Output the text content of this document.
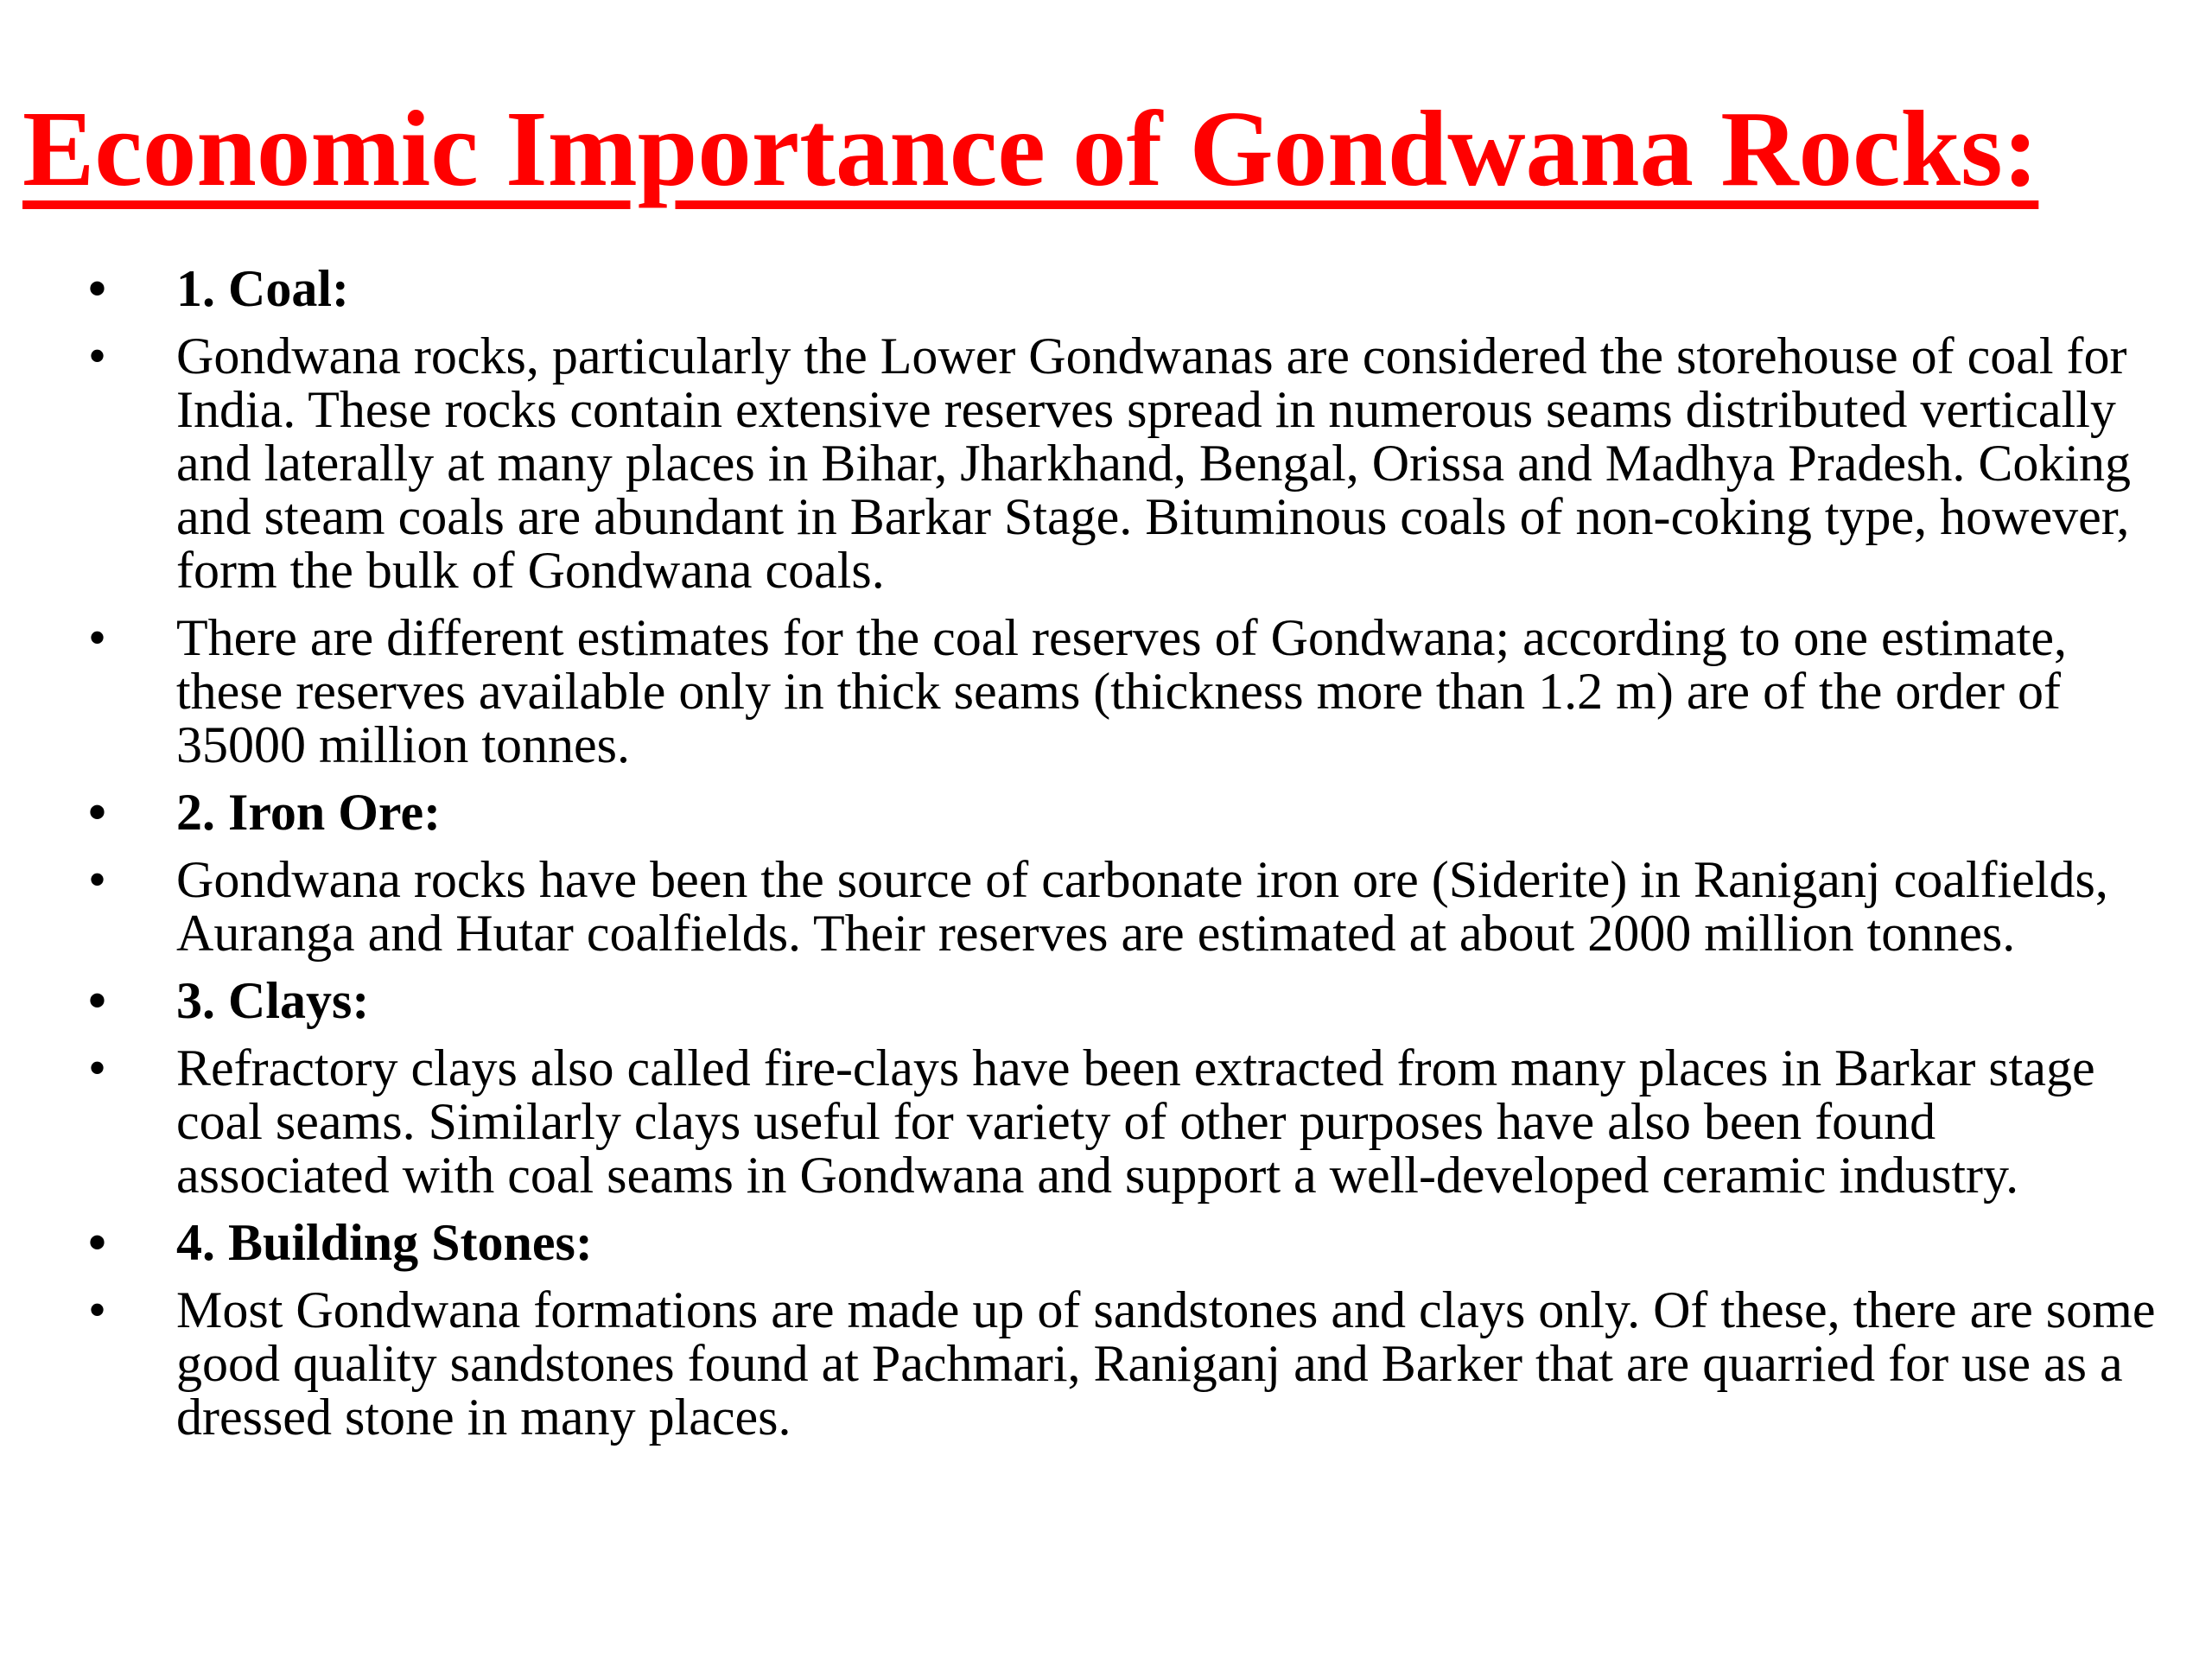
Economic Importance of Gondwana Rocks:
•	1. Coal:
•	Gondwana rocks, particularly the Lower Gondwanas are considered the storehouse of coal for India. These rocks contain extensive reserves spread in numerous seams distributed vertically and laterally at many places in Bihar, Jharkhand, Bengal, Orissa and Madhya Pradesh. Coking and steam coals are abundant in Barkar Stage. Bituminous coals of non-coking type, however, form the bulk of Gondwana coals.
•	There are different estimates for the coal reserves of Gondwana; according to one estimate, these reserves available only in thick seams (thickness more than 1.2 m) are of the order of 35000 million tonnes.
•	2. Iron Ore:
•	Gondwana rocks have been the source of carbonate iron ore (Siderite) in Raniganj coalfields, Auranga and Hutar coalfields. Their reserves are estimated at about 2000 million tonnes.
•	3. Clays:
•	Refractory clays also called fire-clays have been extracted from many places in Barkar stage coal seams. Similarly clays useful for variety of other purposes have also been found associated with coal seams in Gondwana and support a well-developed ceramic industry.
•	4. Building Stones:
•	Most Gondwana formations are made up of sandstones and clays only. Of these, there are some good quality sandstones found at Pachmari, Raniganj and Barker that are quarried for use as a dressed stone in many places.
